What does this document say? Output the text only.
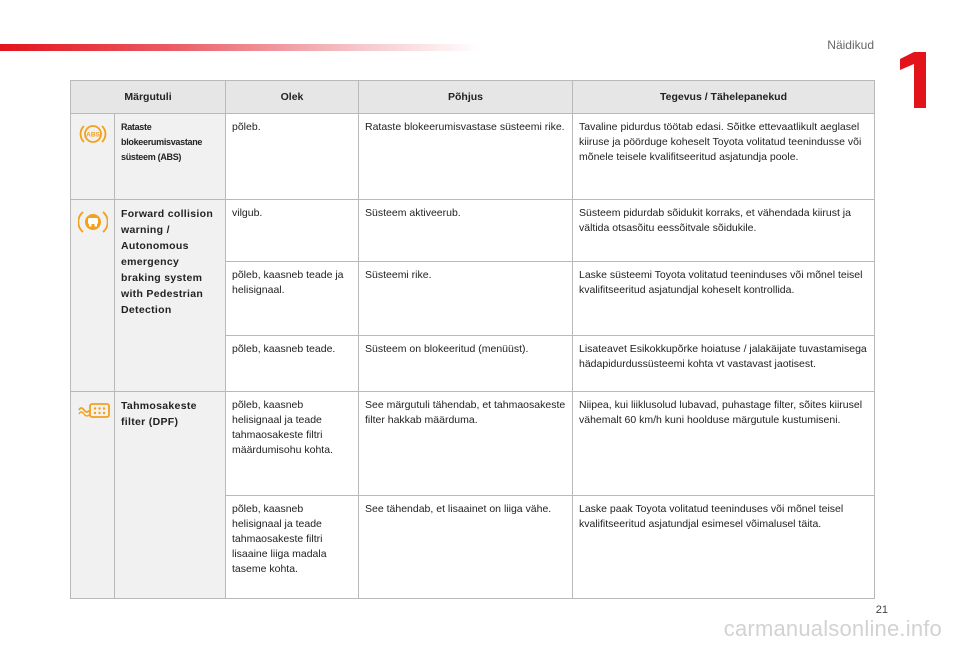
Näidikud
Märgutuli		Olek	Põhjus	Tegevus / Tähelepanekud

ABS	Rataste blokeerumisvastane süsteem (ABS)	põleb.	Rataste blokeerumisvastase süsteemi rike.	Tavaline pidurdus töötab edasi. Sõitke ettevaatlikult aeglasel kiiruse ja pöörduge koheselt Toyota volitatud teenindusse või mõnele teisele kvalifitseeritud asjatundja poole.
	Forward collision warning / Autonomous emergency braking system with Pedestrian Detection	vilgub.	Süsteem aktiveerub.	Süsteem pidurdab sõidukit korraks, et vähendada kiirust ja vältida otsasõitu eessõitvale sõidukile.
		põleb, kaasneb teade ja helisignaal.	Süsteemi rike.	Laske süsteemi Toyota volitatud teeninduses või mõnel teisel kvalifitseeritud asjatundjal koheselt kontrollida.
		põleb, kaasneb teade.	Süsteem on blokeeritud (menüüst).	Lisateavet Esikokkupõrke hoiatuse / jalakäijate tuvastamisega hädapidurdussüsteemi kohta vt vastavast jaotisest.
	Tahmosakeste filter (DPF)	põleb, kaasneb helisignaal ja teade tahmaosakeste filtri määrdumisohu kohta.	See märgutuli tähendab, et tahmaosakeste filter hakkab määrduma.	Niipea, kui liiklusolud lubavad, puhastage filter, sõites kiirusel vähemalt 60 km/h kuni hoolduse märgutule kustumiseni.
		põleb, kaasneb helisignaal ja teade tahmaosakeste filtri lisaaine liiga madala taseme kohta.	See tähendab, et lisaainet on liiga vähe.	Laske paak Toyota volitatud teeninduses või mõnel teisel kvalifitseeritud asjatundjal esimesel võimalusel täita.
21
carmanualsonline.info
